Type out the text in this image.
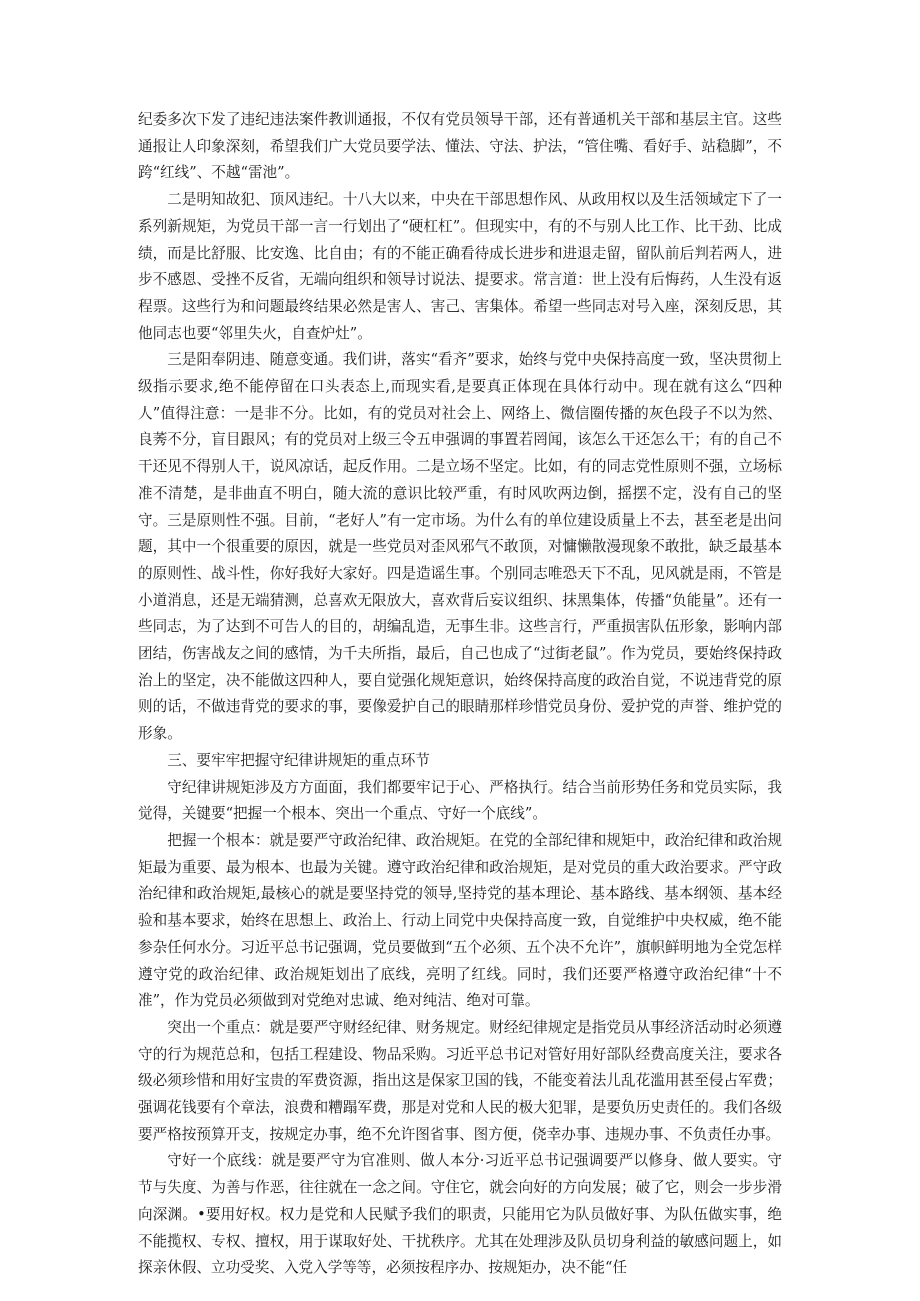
纪委多次下发了违纪违法案件教训通报，不仅有党员领导干部，还有普通机关干部和基层主官。这些通报让人印象深刻，希望我们广大党员要学法、懂法、守法、护法，“管住嘴、看好手、站稳脚”，不跨“红线”、不越“雷池”。

二是明知故犯、顶风违纪。十八大以来，中央在干部思想作风、从政用权以及生活领域定下了一系列新规矩，为党员干部一言一行划出了“硬杠杠”。但现实中，有的不与别人比工作、比干劲、比成绩，而是比舒服、比安逸、比自由；有的不能正确看待成长进步和进退走留，留队前后判若两人，进步不感恩、受挫不反省，无端向组织和领导讨说法、提要求。常言道：世上没有后悔药，人生没有返程票。这些行为和问题最终结果必然是害人、害己、害集体。希望一些同志对号入座，深刻反思，其他同志也要“邻里失火，自查炉灶”。

三是阳奉阴违、随意变通。我们讲，落实“看齐”要求，始终与党中央保持高度一致，坚决贯彻上级指示要求,绝不能停留在口头表态上,而现实看,是要真正体现在具体行动中。现在就有这么“四种人”值得注意：一是非不分。比如，有的党员对社会上、网络上、微信圈传播的灰色段子不以为然、良莠不分，盲目跟风；有的党员对上级三令五申强调的事置若罔闻，该怎么干还怎么干；有的自己不干还见不得别人干，说风凉话，起反作用。二是立场不坚定。比如，有的同志党性原则不强，立场标准不清楚，是非曲直不明白，随大流的意识比较严重，有时风吹两边倒，摇摆不定，没有自己的坚守。三是原则性不强。目前，“老好人”有一定市场。为什么有的单位建设质量上不去，甚至老是出问题，其中一个很重要的原因，就是一些党员对歪风邪气不敢顶，对慵懒散漫现象不敢批，缺乏最基本的原则性、战斗性，你好我好大家好。四是造谣生事。个别同志唯恐天下不乱，见风就是雨，不管是小道消息，还是无端猜测，总喜欢无限放大，喜欢背后妄议组织、抹黑集体，传播“负能量”。还有一些同志，为了达到不可告人的目的，胡编乱造，无事生非。这些言行，严重损害队伍形象，影响内部团结，伤害战友之间的感情，为千夫所指，最后，自己也成了“过街老鼠”。作为党员，要始终保持政治上的坚定，决不能做这四种人，要自觉强化规矩意识，始终保持高度的政治自觉，不说违背党的原则的话，不做违背党的要求的事，要像爱护自己的眼睛那样珍惜党员身份、爱护党的声誉、维护党的形象。

三、要牢牢把握守纪律讲规矩的重点环节

守纪律讲规矩涉及方方面面，我们都要牢记于心、严格执行。结合当前形势任务和党员实际，我觉得，关键要“把握一个根本、突出一个重点、守好一个底线”。

把握一个根本：就是要严守政治纪律、政治规矩。在党的全部纪律和规矩中，政治纪律和政治规矩最为重要、最为根本、也最为关键。遵守政治纪律和政治规矩，是对党员的重大政治要求。严守政治纪律和政治规矩,最核心的就是要坚持党的领导,坚持党的基本理论、基本路线、基本纲领、基本经验和基本要求，始终在思想上、政治上、行动上同党中央保持高度一致，自觉维护中央权威，绝不能参杂任何水分。习近平总书记强调，党员要做到“五个必须、五个决不允许”，旗帜鲜明地为全党怎样遵守党的政治纪律、政治规矩划出了底线，亮明了红线。同时，我们还要严格遵守政治纪律“十不准”，作为党员必须做到对党绝对忠诚、绝对纯洁、绝对可靠。

突出一个重点：就是要严守财经纪律、财务规定。财经纪律规定是指党员从事经济活动时必须遵守的行为规范总和，包括工程建设、物品采购。习近平总书记对管好用好部队经费高度关注，要求各级必须珍惜和用好宝贵的军费资源，指出这是保家卫国的钱，不能变着法儿乱花滥用甚至侵占军费；强调花钱要有个章法，浪费和糟蹋军费，那是对党和人民的极大犯罪，是要负历史责任的。我们各级要严格按预算开支，按规定办事，绝不允许图省事、图方便，侥幸办事、违规办事、不负责任办事。

守好一个底线：就是要严守为官准则、做人本分·习近平总书记强调要严以修身、做人要实。守节与失度、为善与作恶，往往就在一念之间。守住它，就会向好的方向发展；破了它，则会一步步滑向深渊。•要用好权。权力是党和人民赋予我们的职责，只能用它为队员做好事、为队伍做实事，绝不能揽权、专权、擅权，用于谋取好处、干扰秩序。尤其在处理涉及队员切身利益的敏感问题上，如探亲休假、立功受奖、入党入学等等，必须按程序办、按规矩办，决不能“任
